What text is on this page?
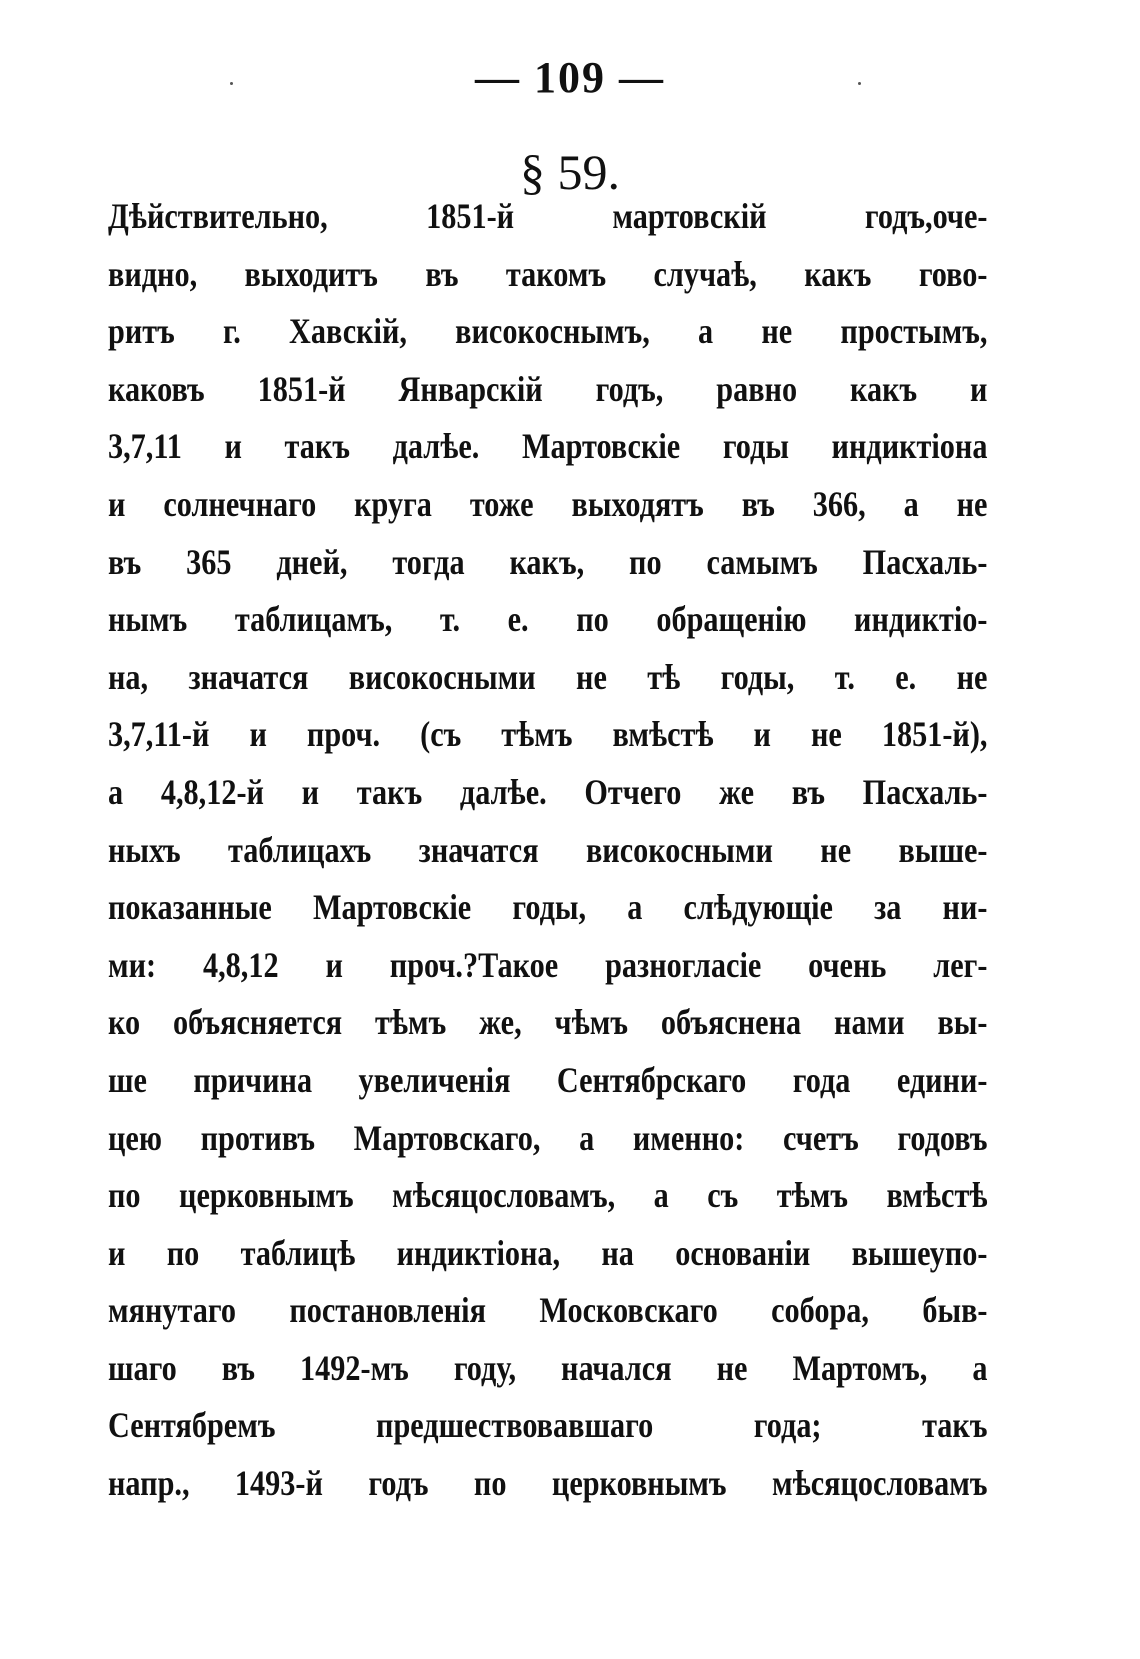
— 109 —
§ 59.
Дѣйствительно, 1851-й мартовскій годъ,оче-
видно, выходитъ въ такомъ случаѣ, какъ гово-
ритъ г. Хавскій, високоснымъ, а не простымъ,
каковъ 1851-й Январскій годъ, равно какъ и
3,7,11 и такъ далѣе. Мартовскіе годы индиктіона
и солнечнаго круга тоже выходятъ въ 366, а не
въ 365 дней, тогда какъ, по самымъ Пасхаль-
нымъ таблицамъ, т. е. по обращенію индиктіо-
на, значатся високосными не тѣ годы, т. е. не
3,7,11-й и проч. (съ тѣмъ вмѣстѣ и не 1851-й),
а 4,8,12-й и такъ далѣе. Отчего же въ Пасхаль-
ныхъ таблицахъ значатся високосными не выше-
показанные Мартовскіе годы, а слѣдующіе за ни-
ми: 4,8,12 и проч.?Такое разногласіе очень лег-
ко объясняется тѣмъ же, чѣмъ объяснена нами вы-
ше причина увеличенія Сентябрскаго года едини-
цею противъ Мартовскаго, а именно: счетъ годовъ
по церковнымъ мѣсяцословамъ, а съ тѣмъ вмѣстѣ
и по таблицѣ индиктіона, на основаніи вышеупо-
мянутаго постановленія Московскаго собора, быв-
шаго въ 1492-мъ году, начался не Мартомъ, а
Сентябремъ предшествовавшаго года; такъ
напр., 1493-й годъ по церковнымъ мѣсяцословамъ
